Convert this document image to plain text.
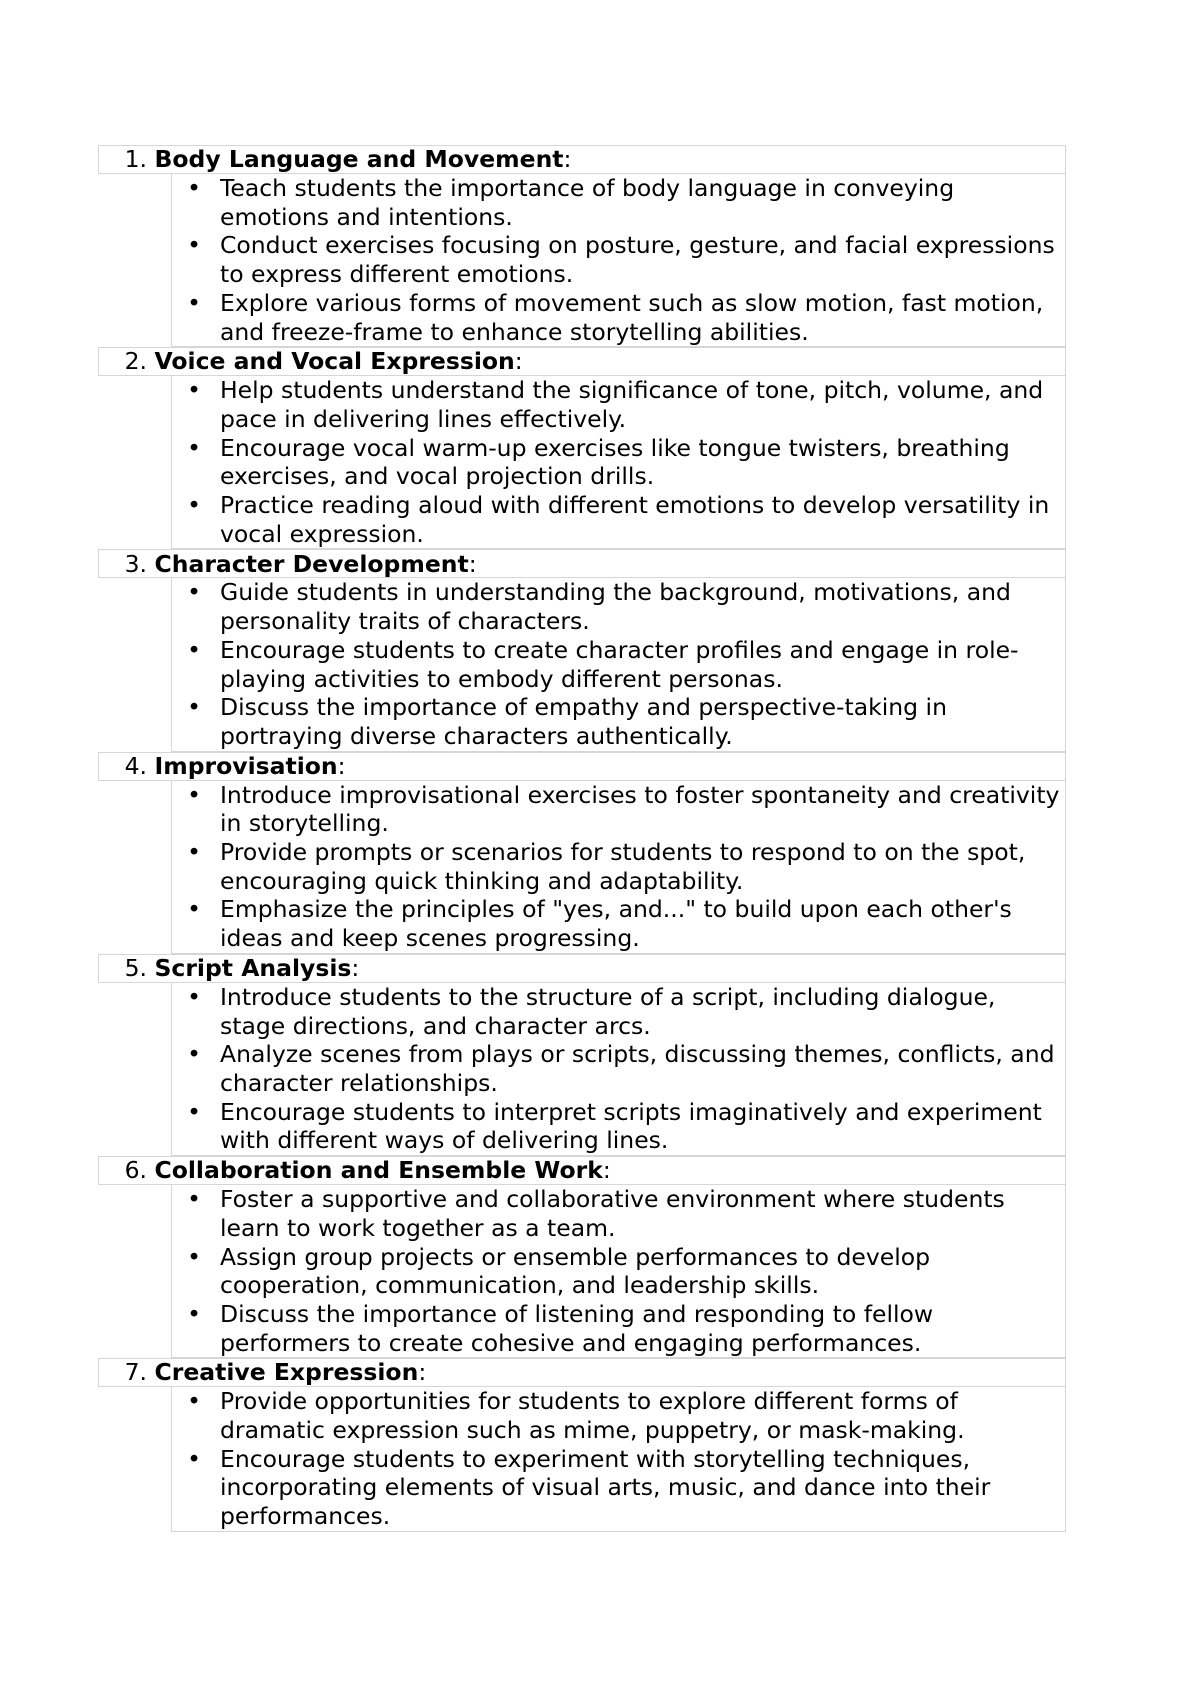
1. Body Language and Movement:
• Teach students the importance of body language in conveying emotions and intentions.
• Conduct exercises focusing on posture, gesture, and facial expressions to express different emotions.
• Explore various forms of movement such as slow motion, fast motion, and freeze-frame to enhance storytelling abilities.
2. Voice and Vocal Expression:
• Help students understand the significance of tone, pitch, volume, and pace in delivering lines effectively.
• Encourage vocal warm-up exercises like tongue twisters, breathing exercises, and vocal projection drills.
• Practice reading aloud with different emotions to develop versatility in vocal expression.
3. Character Development:
• Guide students in understanding the background, motivations, and personality traits of characters.
• Encourage students to create character profiles and engage in role-playing activities to embody different personas.
• Discuss the importance of empathy and perspective-taking in portraying diverse characters authentically.
4. Improvisation:
• Introduce improvisational exercises to foster spontaneity and creativity in storytelling.
• Provide prompts or scenarios for students to respond to on the spot, encouraging quick thinking and adaptability.
• Emphasize the principles of "yes, and..." to build upon each other's ideas and keep scenes progressing.
5. Script Analysis:
• Introduce students to the structure of a script, including dialogue, stage directions, and character arcs.
• Analyze scenes from plays or scripts, discussing themes, conflicts, and character relationships.
• Encourage students to interpret scripts imaginatively and experiment with different ways of delivering lines.
6. Collaboration and Ensemble Work:
• Foster a supportive and collaborative environment where students learn to work together as a team.
• Assign group projects or ensemble performances to develop cooperation, communication, and leadership skills.
• Discuss the importance of listening and responding to fellow performers to create cohesive and engaging performances.
7. Creative Expression:
• Provide opportunities for students to explore different forms of dramatic expression such as mime, puppetry, or mask-making.
• Encourage students to experiment with storytelling techniques, incorporating elements of visual arts, music, and dance into their performances.
